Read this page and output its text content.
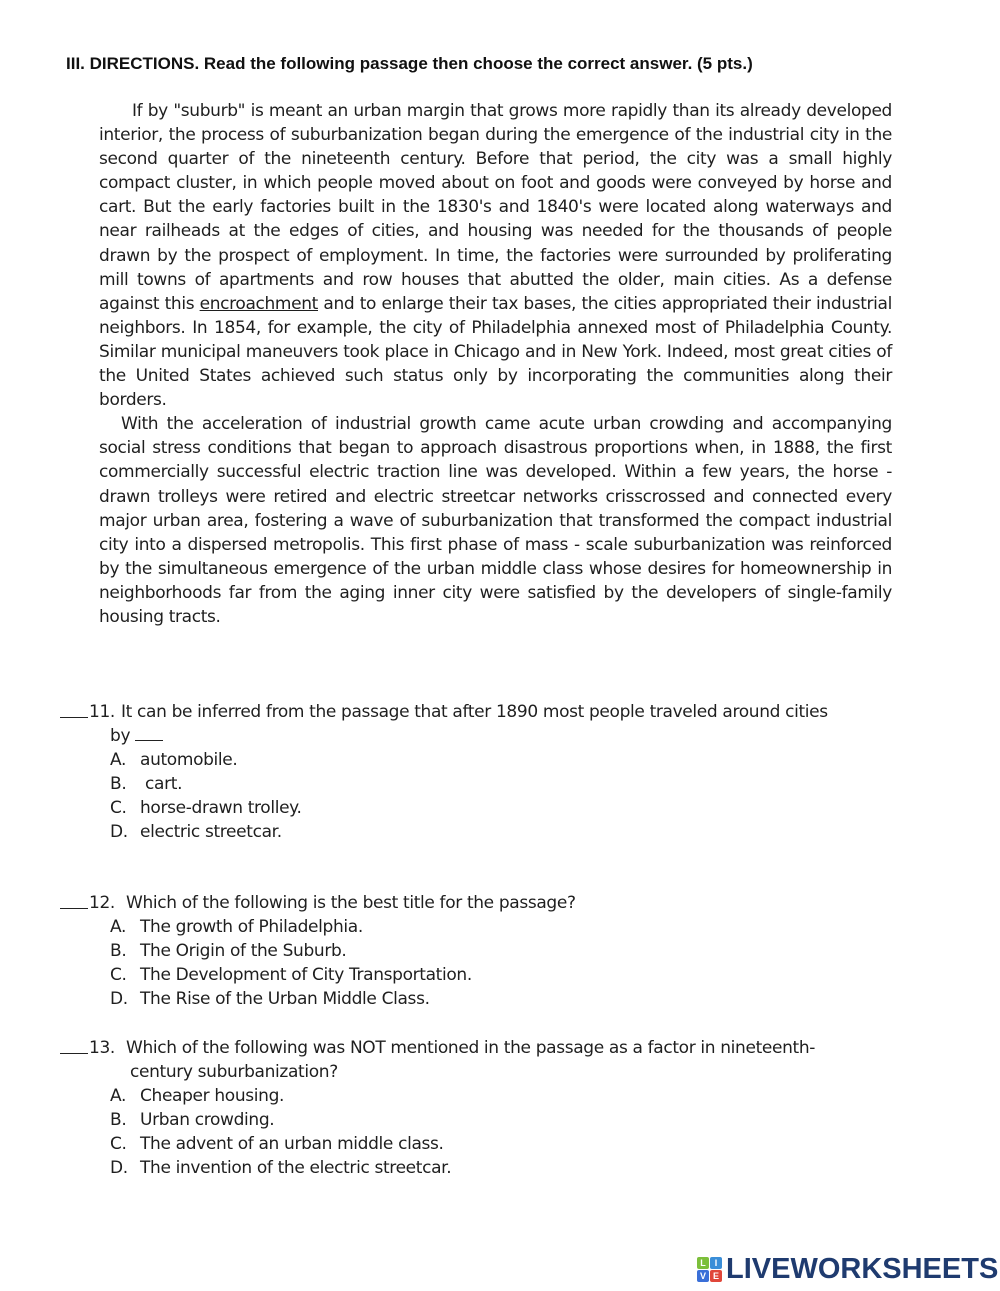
III. DIRECTIONS. Read the following passage then choose the correct answer. (5 pts.)

If by "suburb" is meant an urban margin that grows more rapidly than its already developed interior, the process of suburbanization began during the emergence of the industrial city in the second quarter of the nineteenth century. Before that period, the city was a small highly compact cluster, in which people moved about on foot and goods were conveyed by horse and cart. But the early factories built in the 1830's and 1840's were located along waterways and near railheads at the edges of cities, and housing was needed for the thousands of people drawn by the prospect of employment. In time, the factories were surrounded by proliferating mill towns of apartments and row houses that abutted the older, main cities. As a defense against this encroachment and to enlarge their tax bases, the cities appropriated their industrial neighbors. In 1854, for example, the city of Philadelphia annexed most of Philadelphia County. Similar municipal maneuvers took place in Chicago and in New York. Indeed, most great cities of the United States achieved such status only by incorporating the communities along their borders.

With the acceleration of industrial growth came acute urban crowding and accompanying social stress conditions that began to approach disastrous proportions when, in 1888, the first commercially successful electric traction line was developed. Within a few years, the horse - drawn trolleys were retired and electric streetcar networks crisscrossed and connected every major urban area, fostering a wave of suburbanization that transformed the compact industrial city into a dispersed metropolis. This first phase of mass - scale suburbanization was reinforced by the simultaneous emergence of the urban middle class whose desires for homeownership in neighborhoods far from the aging inner city were satisfied by the developers of single-family housing tracts.

11. It can be inferred from the passage that after 1890 most people traveled around cities
by
A. automobile.
B. cart.
C. horse-drawn trolley.
D. electric streetcar.
12. Which of the following is the best title for the passage?
A. The growth of Philadelphia.
B. The Origin of the Suburb.
C. The Development of City Transportation.
D. The Rise of the Urban Middle Class.
13. Which of the following was NOT mentioned in the passage as a factor in nineteenth-
century suburbanization?
A. Cheaper housing.
B. Urban crowding.
C. The advent of an urban middle class.
D. The invention of the electric streetcar.
L I
V E LIVEWORKSHEETS
